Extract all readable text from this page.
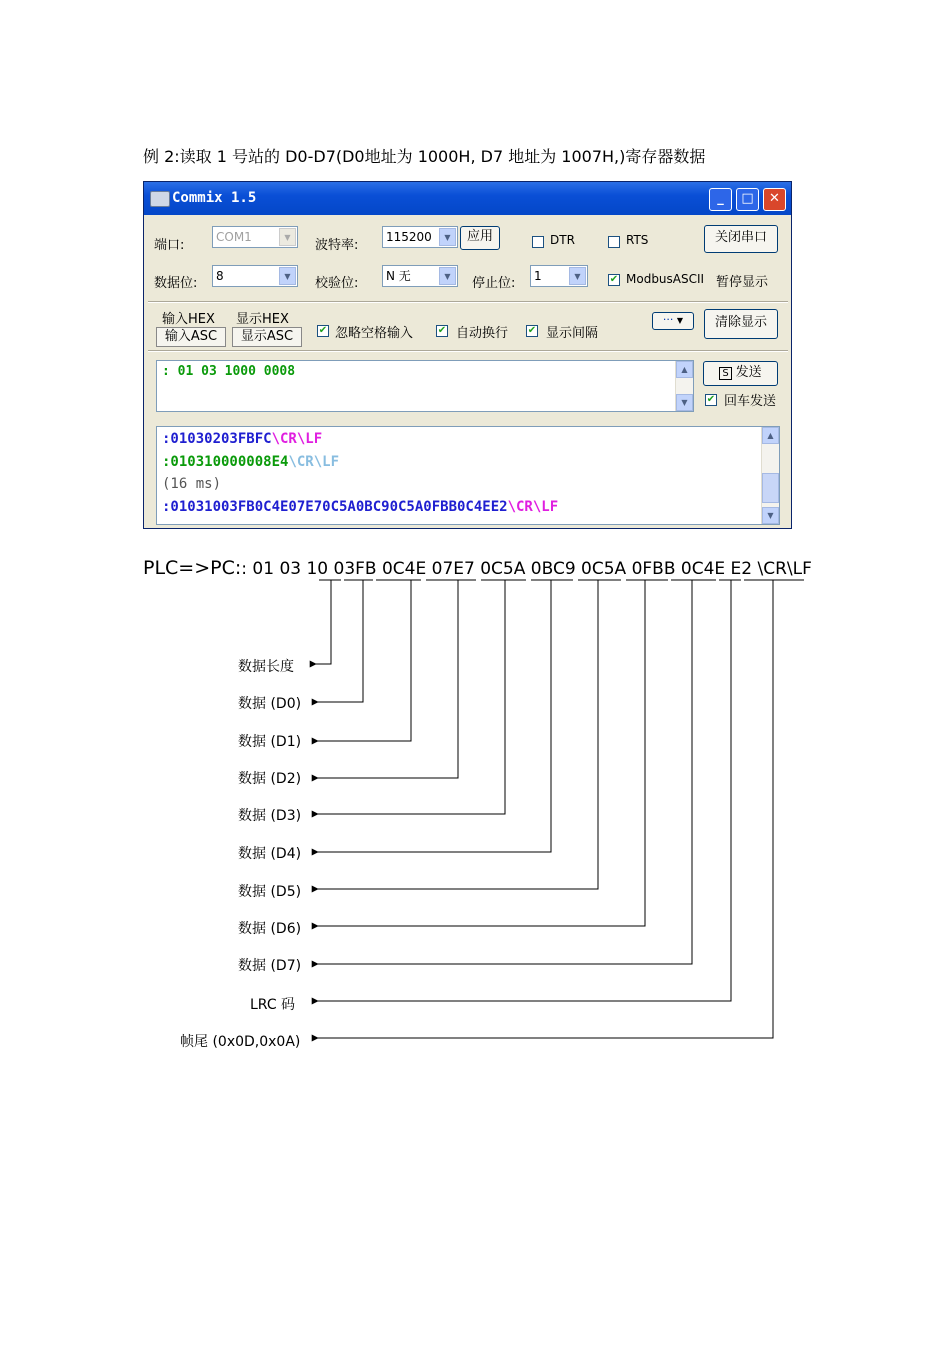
例 2:读取 1 号站的 D0-D7(D0地址为 1000H, D7 地址为 1007H,)寄存器数据
Commix 1.5	_	□	✕
端口:
COM1	▼
波特率:
115200	▼	应用	DTR	RTS	关闭串口
数据位:	8	▼	校验位:	N 无	▼	停止位:	1	▼	✔ ModbusASCII 暂停显示
输入HEX 显示HEX
输入ASC	显示ASC	✔ 忽略空格输入 ✔ 自动换行 ✔ 显示间隔
··· ▼	清除显示
: 01 03 1000 0008	▲
▼
S 发送
✔ 回车发送
:01030203FBFC\CR\LF
:010310000008E4\CR\LF
(16 ms)
:01031003FB0C4E07E70C5A0BC90C5A0FBB0C4EE2\CR\LF
▲
▼
PLC=>PC:: 01 03 10 03FB 0C4E 07E7 0C5A 0BC9 0C5A 0FBB 0C4E E2 \CR\LF
数据长度
数据 (D0)
数据 (D1)
数据 (D2)
数据 (D3)
数据 (D4)
数据 (D5)
数据 (D6)
数据 (D7)
LRC 码
帧尾 (0x0D,0x0A)
